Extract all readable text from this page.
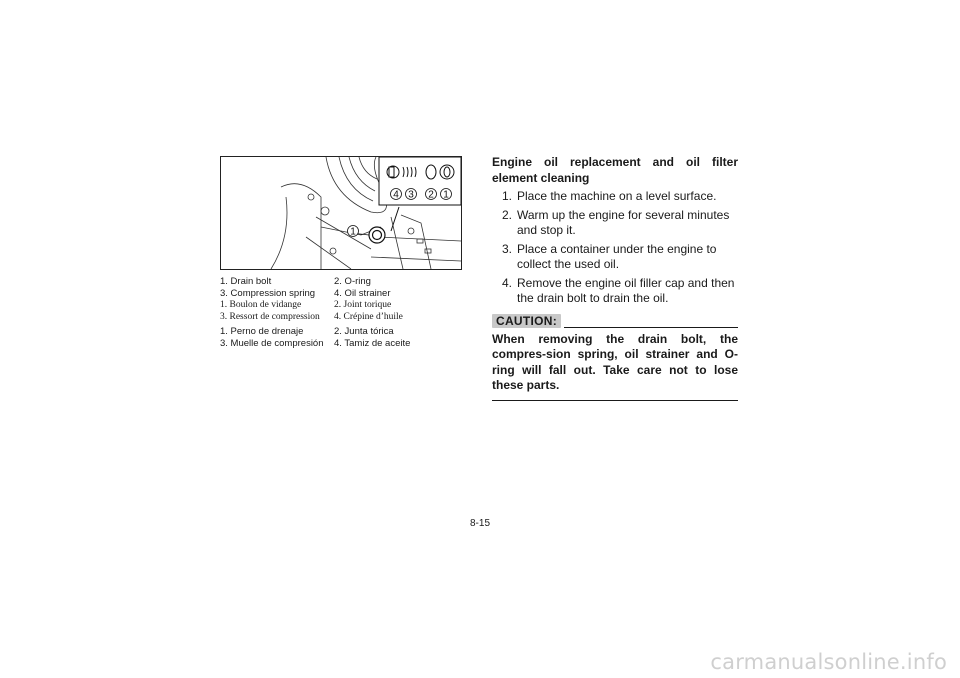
4 3 2 1
1
1. Drain bolt	2. O-ring
3. Compression spring 4. Oil strainer
1. Boulon de vidange	2. Joint torique
3. Ressort de compression 4. Crépine d’huile
1. Perno de drenaje	2. Junta tórica
3. Muelle de compresión 4. Tamiz de aceite

Engine oil replacement and oil filter element cleaning

1. Place the machine on a level surface.
2. Warm up the engine for several minutes and stop it.
3. Place a container under the engine to collect the used oil.
4. Remove the engine oil filler cap and then the drain bolt to drain the oil.
CAUTION:
When removing the drain bolt, the compres-sion spring, oil strainer and O-ring will fall out. Take care not to lose these parts.
8-15
carmanualsonline.info
